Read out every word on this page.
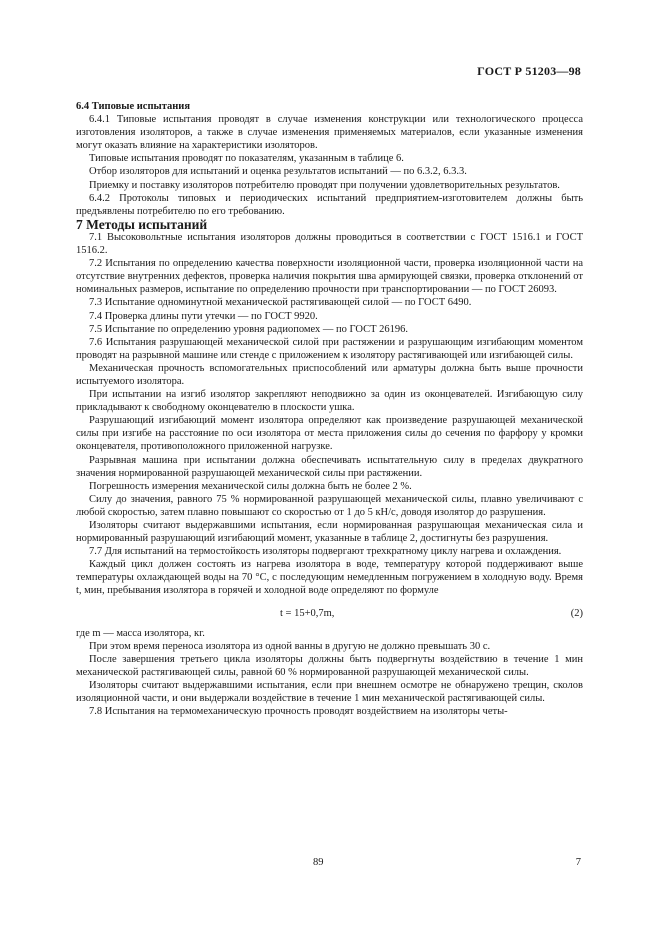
ГОСТ Р 51203—98

6.4 Типовые испытания

6.4.1 Типовые испытания проводят в случае изменения конструкции или технологического процесса изготовления изоляторов, а также в случае изменения применяемых материалов, если указанные изменения могут оказать влияние на характеристики изоляторов.

Типовые испытания проводят по показателям, указанным в таблице 6.

Отбор изоляторов для испытаний и оценка результатов испытаний — по 6.3.2, 6.3.3.

Приемку и поставку изоляторов потребителю проводят при получении удовлетворительных результатов.

6.4.2 Протоколы типовых и периодических испытаний предприятием-изготовителем должны быть предъявлены потребителю по его требованию.

7 Методы испытаний

7.1 Высоковольтные испытания изоляторов должны проводиться в соответствии с ГОСТ 1516.1 и ГОСТ 1516.2.

7.2 Испытания по определению качества поверхности изоляционной части, проверка изоляционной части на отсутствие внутренних дефектов, проверка наличия покрытия шва армирующей связки, проверка отклонений от номинальных размеров, испытание по определению прочности при транспортировании — по ГОСТ 26093.

7.3 Испытание одноминутной механической растягивающей силой — по ГОСТ 6490.

7.4 Проверка длины пути утечки — по ГОСТ 9920.

7.5 Испытание по определению уровня радиопомех — по ГОСТ 26196.

7.6 Испытания разрушающей механической силой при растяжении и разрушающим изгибающим моментом проводят на разрывной машине или стенде с приложением к изолятору растягивающей или изгибающей силы.

Механическая прочность вспомогательных приспособлений или арматуры должна быть выше прочности испытуемого изолятора.

При испытании на изгиб изолятор закрепляют неподвижно за один из оконцевателей. Изгибающую силу прикладывают к свободному оконцевателю в плоскости ушка.

Разрушающий изгибающий момент изолятора определяют как произведение разрушающей механической силы при изгибе на расстояние по оси изолятора от места приложения силы до сечения по фарфору у кромки оконцевателя, противоположного приложенной нагрузке.

Разрывная машина при испытании должна обеспечивать испытательную силу в пределах двукратного значения нормированной разрушающей механической силы при растяжении.

Погрешность измерения механической силы должна быть не более 2 %.

Силу до значения, равного 75 % нормированной разрушающей механической силы, плавно увеличивают с любой скоростью, затем плавно повышают со скоростью от 1 до 5 кН/с, доводя изолятор до разрушения.

Изоляторы считают выдержавшими испытания, если нормированная разрушающая механическая сила и нормированный разрушающий изгибающий момент, указанные в таблице 2, достигнуты без разрушения.

7.7 Для испытаний на термостойкость изоляторы подвергают трехкратному циклу нагрева и охлаждения.

Каждый цикл должен состоять из нагрева изолятора в воде, температуру которой поддерживают выше температуры охлаждающей воды на 70 °С, с последующим немедленным погружением в холодную воду. Время t, мин, пребывания изолятора в горячей и холодной воде определяют по формуле

t = 15+0,7m,	(2)

где m — масса изолятора, кг.

При этом время переноса изолятора из одной ванны в другую не должно превышать 30 с.

После завершения третьего цикла изоляторы должны быть подвергнуты воздействию в течение 1 мин механической растягивающей силы, равной 60 % нормированной разрушающей механической силы.

Изоляторы считают выдержавшими испытания, если при внешнем осмотре не обнаружено трещин, сколов изоляционной части, и они выдержали воздействие в течение 1 мин механической растягивающей силы.

7.8 Испытания на термомеханическую прочность проводят воздействием на изоляторы четы-

89	7
